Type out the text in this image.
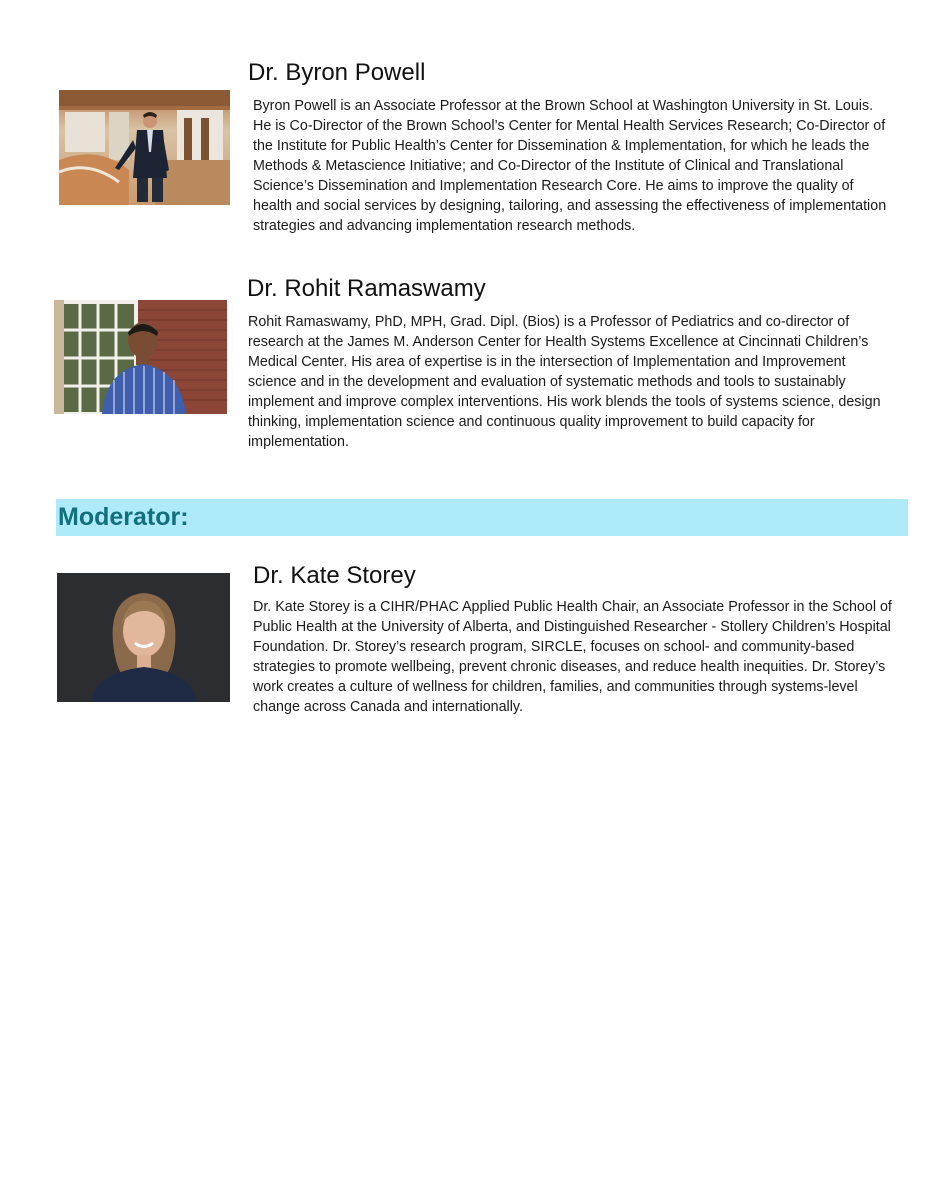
Dr. Byron Powell

Byron Powell is an Associate Professor at the Brown School at Washington University in St. Louis. He is Co-Director of the Brown School’s Center for Mental Health Services Research; Co-Director of the Institute for Public Health’s Center for Dissemination & Implementation, for which he leads the Methods & Metascience Initiative; and Co-Director of the Institute of Clinical and Translational Science’s Dissemination and Implementation Research Core. He aims to improve the quality of health and social services by designing, tailoring, and assessing the effectiveness of implementation strategies and advancing implementation research methods.

Dr. Rohit Ramaswamy

Rohit Ramaswamy, PhD, MPH, Grad. Dipl. (Bios) is a Professor of Pediatrics and co-director of research at the James M. Anderson Center for Health Systems Excellence at Cincinnati Children’s Medical Center. His area of expertise is in the intersection of Implementation and Improvement science and in the development and evaluation of systematic methods and tools to sustainably implement and improve complex interventions. His work blends the tools of systems science, design thinking, implementation science and continuous quality improvement to build capacity for implementation.

Moderator:
Dr. Kate Storey

Dr. Kate Storey is a CIHR/PHAC Applied Public Health Chair, an Associate Professor in the School of Public Health at the University of Alberta, and Distinguished Researcher - Stollery Children’s Hospital Foundation. Dr. Storey’s research program, SIRCLE, focuses on school- and community-based strategies to promote wellbeing, prevent chronic diseases, and reduce health inequities. Dr. Storey’s work creates a culture of wellness for children, families, and communities through systems-level change across Canada and internationally.
